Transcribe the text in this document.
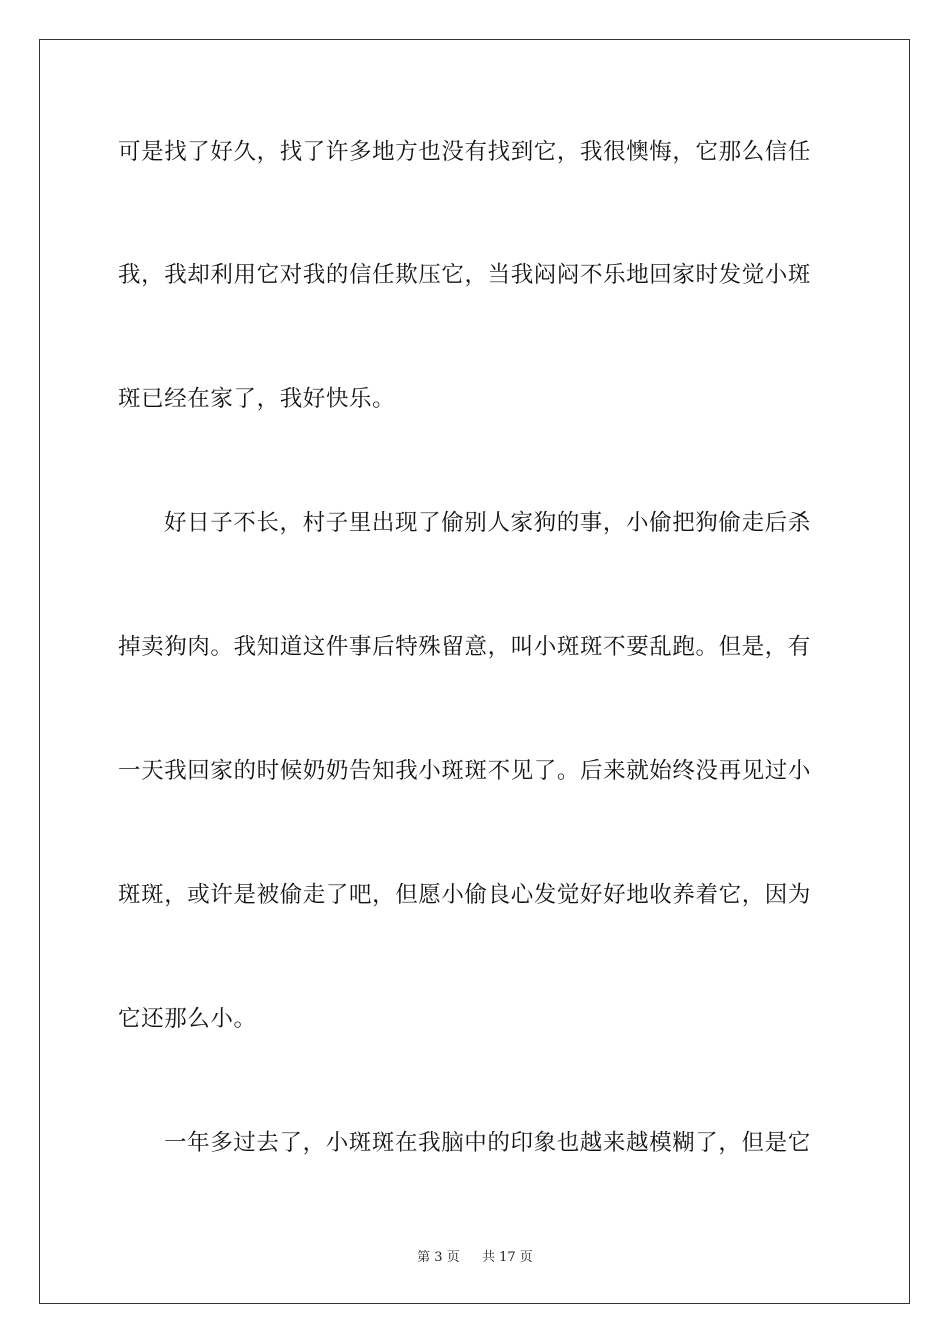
可是找了好久，找了许多地方也没有找到它，我很懊悔，它那么信任
我，我却利用它对我的信任欺压它，当我闷闷不乐地回家时发觉小斑
斑已经在家了，我好快乐。
好日子不长，村子里出现了偷别人家狗的事，小偷把狗偷走后杀
掉卖狗肉。我知道这件事后特殊留意，叫小斑斑不要乱跑。但是，有
一天我回家的时候奶奶告知我小斑斑不见了。后来就始终没再见过小
斑斑，或许是被偷走了吧，但愿小偷良心发觉好好地收养着它，因为
它还那么小。
一年多过去了，小斑斑在我脑中的印象也越来越模糊了，但是它
第 3 页 共 17 页
